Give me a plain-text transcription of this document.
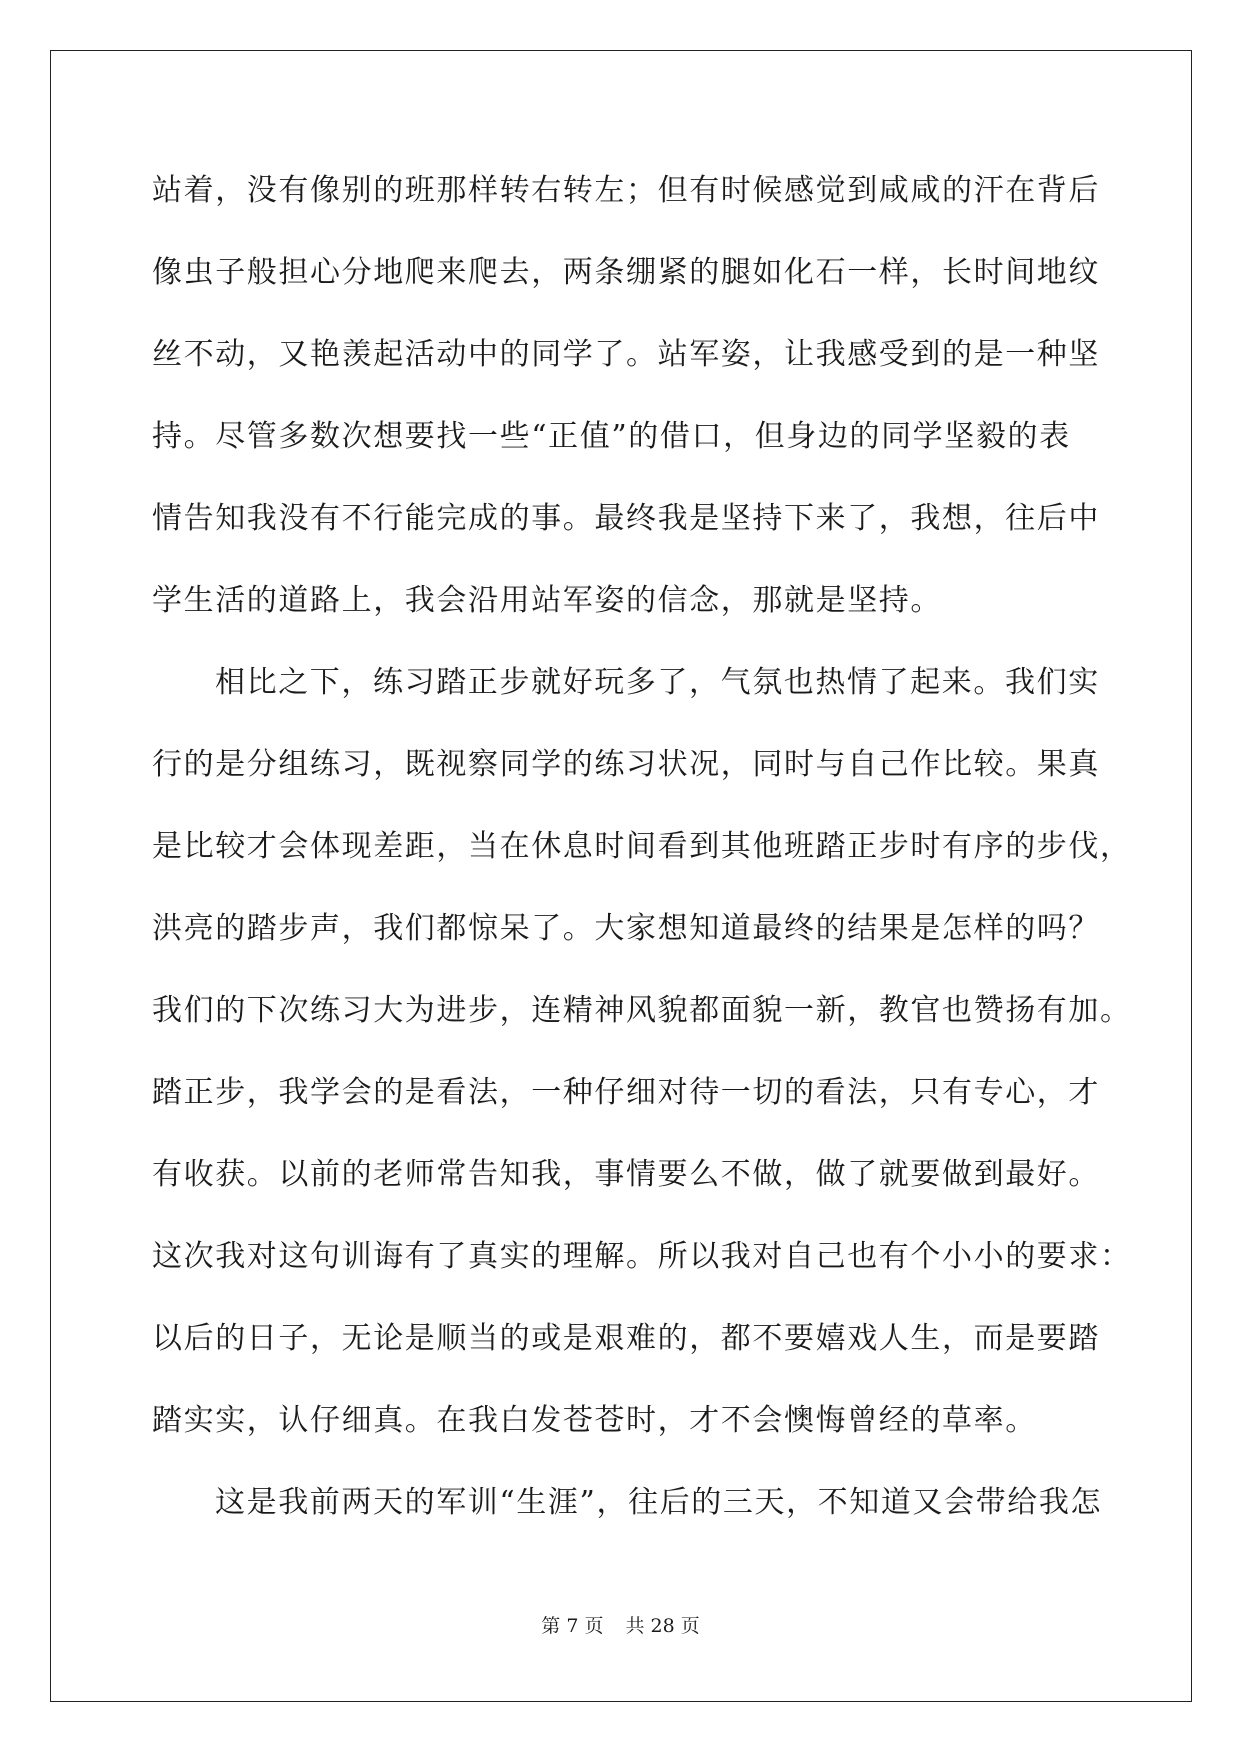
站着，没有像别的班那样转右转左；但有时候感觉到咸咸的汗在背后
像虫子般担心分地爬来爬去，两条绷紧的腿如化石一样，长时间地纹
丝不动，又艳羡起活动中的同学了。站军姿，让我感受到的是一种坚
持。尽管多数次想要找一些“正值”的借口，但身边的同学坚毅的表
情告知我没有不行能完成的事。最终我是坚持下来了，我想，往后中
学生活的道路上，我会沿用站军姿的信念，那就是坚持。
相比之下，练习踏正步就好玩多了，气氛也热情了起来。我们实
行的是分组练习，既视察同学的练习状况，同时与自己作比较。果真
是比较才会体现差距，当在休息时间看到其他班踏正步时有序的步伐，
洪亮的踏步声，我们都惊呆了。大家想知道最终的结果是怎样的吗？
我们的下次练习大为进步，连精神风貌都面貌一新，教官也赞扬有加。
踏正步，我学会的是看法，一种仔细对待一切的看法，只有专心，才
有收获。以前的老师常告知我，事情要么不做，做了就要做到最好。
这次我对这句训诲有了真实的理解。所以我对自己也有个小小的要求：
以后的日子，无论是顺当的或是艰难的，都不要嬉戏人生，而是要踏
踏实实，认仔细真。在我白发苍苍时，才不会懊悔曾经的草率。
这是我前两天的军训“生涯”，往后的三天，不知道又会带给我怎
第 7 页 共 28 页
